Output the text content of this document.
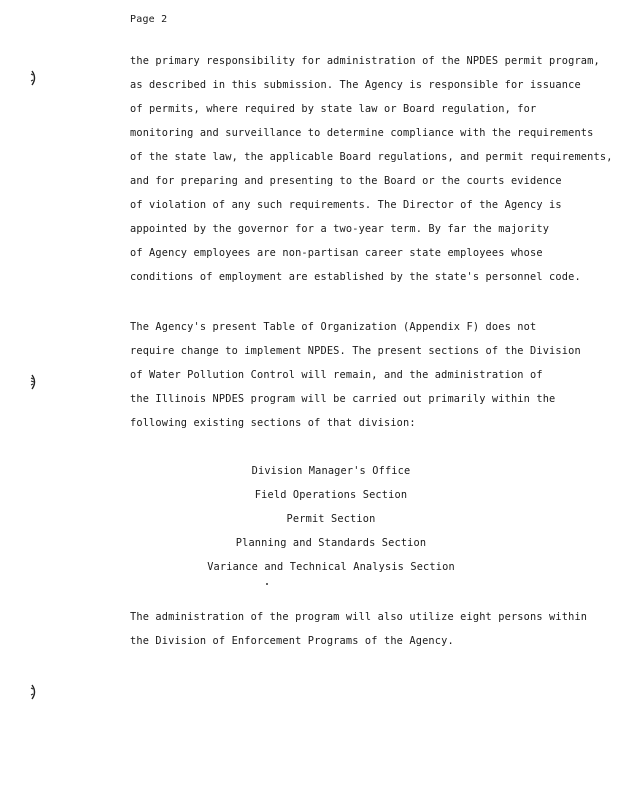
Page 2
the primary responsibility for administration of the NPDES permit program,
as described in this submission. The Agency is responsible for issuance
of permits, where required by state law or Board regulation, for
monitoring and surveillance to determine compliance with the requirements
of the state law, the applicable Board regulations, and permit requirements,
and for preparing and presenting to the Board or the courts evidence
of violation of any such requirements. The Director of the Agency is
appointed by the governor for a two-year term. By far the majority
of Agency employees are non-partisan career state employees whose
conditions of employment are established by the state's personnel code.
The Agency's present Table of Organization (Appendix F) does not
require change to implement NPDES. The present sections of the Division
of Water Pollution Control will remain, and the administration of
the Illinois NPDES program will be carried out primarily within the
following existing sections of that division:
Division Manager's Office
Field Operations Section
Permit Section
Planning and Standards Section
Variance and Technical Analysis Section
The administration of the program will also utilize eight persons within
the Division of Enforcement Programs of the Agency.
